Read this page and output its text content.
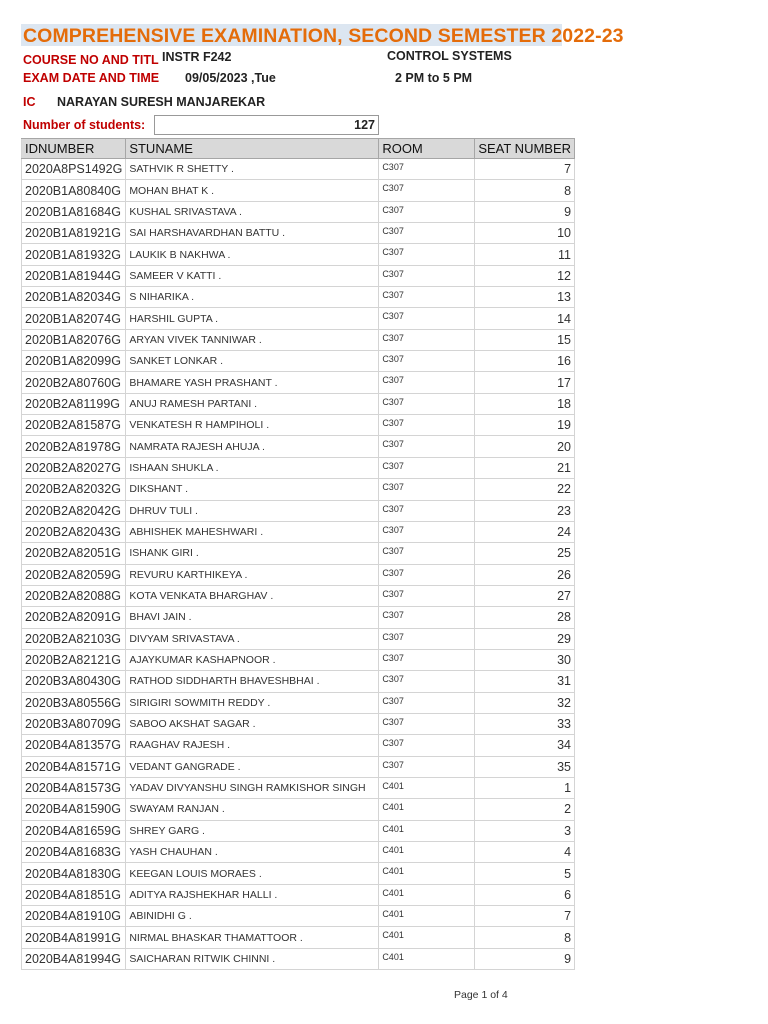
COMPREHENSIVE EXAMINATION, SECOND SEMESTER 2022-23
COURSE NO AND TITL INSTR F242	CONTROL SYSTEMS
EXAM DATE AND TIME 09/05/2023 ,Tue	2 PM to 5 PM
IC NARAYAN SURESH MANJAREKAR
Number of students:	127
IDNUMBER	STUNAME	ROOM	SEAT NUMBER
2020A8PS1492G	SATHVIK R SHETTY .	C307	7
2020B1A80840G	MOHAN BHAT K .	C307	8
2020B1A81684G	KUSHAL SRIVASTAVA .	C307	9
2020B1A81921G	SAI HARSHAVARDHAN BATTU .	C307	10
2020B1A81932G	LAUKIK B NAKHWA .	C307	11
2020B1A81944G	SAMEER V KATTI .	C307	12
2020B1A82034G	S NIHARIKA .	C307	13
2020B1A82074G	HARSHIL GUPTA .	C307	14
2020B1A82076G	ARYAN VIVEK TANNIWAR .	C307	15
2020B1A82099G	SANKET LONKAR .	C307	16
2020B2A80760G	BHAMARE YASH PRASHANT .	C307	17
2020B2A81199G	ANUJ RAMESH PARTANI .	C307	18
2020B2A81587G	VENKATESH R HAMPIHOLI .	C307	19
2020B2A81978G	NAMRATA RAJESH AHUJA .	C307	20
2020B2A82027G	ISHAAN SHUKLA .	C307	21
2020B2A82032G	DIKSHANT .	C307	22
2020B2A82042G	DHRUV TULI .	C307	23
2020B2A82043G	ABHISHEK MAHESHWARI .	C307	24
2020B2A82051G	ISHANK GIRI .	C307	25
2020B2A82059G	REVURU KARTHIKEYA .	C307	26
2020B2A82088G	KOTA VENKATA BHARGHAV .	C307	27
2020B2A82091G	BHAVI JAIN .	C307	28
2020B2A82103G	DIVYAM SRIVASTAVA .	C307	29
2020B2A82121G	AJAYKUMAR KASHAPNOOR .	C307	30
2020B3A80430G	RATHOD SIDDHARTH BHAVESHBHAI .	C307	31
2020B3A80556G	SIRIGIRI SOWMITH REDDY .	C307	32
2020B3A80709G	SABOO AKSHAT SAGAR .	C307	33
2020B4A81357G	RAAGHAV RAJESH .	C307	34
2020B4A81571G	VEDANT GANGRADE .	C307	35
2020B4A81573G	YADAV DIVYANSHU SINGH RAMKISHOR SINGH	C401	1
2020B4A81590G	SWAYAM RANJAN .	C401	2
2020B4A81659G	SHREY GARG .	C401	3
2020B4A81683G	YASH CHAUHAN .	C401	4
2020B4A81830G	KEEGAN LOUIS MORAES .	C401	5
2020B4A81851G	ADITYA RAJSHEKHAR HALLI .	C401	6
2020B4A81910G	ABINIDHI G .	C401	7
2020B4A81991G	NIRMAL BHASKAR THAMATTOOR .	C401	8
2020B4A81994G	SAICHARAN RITWIK CHINNI .	C401	9
Page 1 of 4
